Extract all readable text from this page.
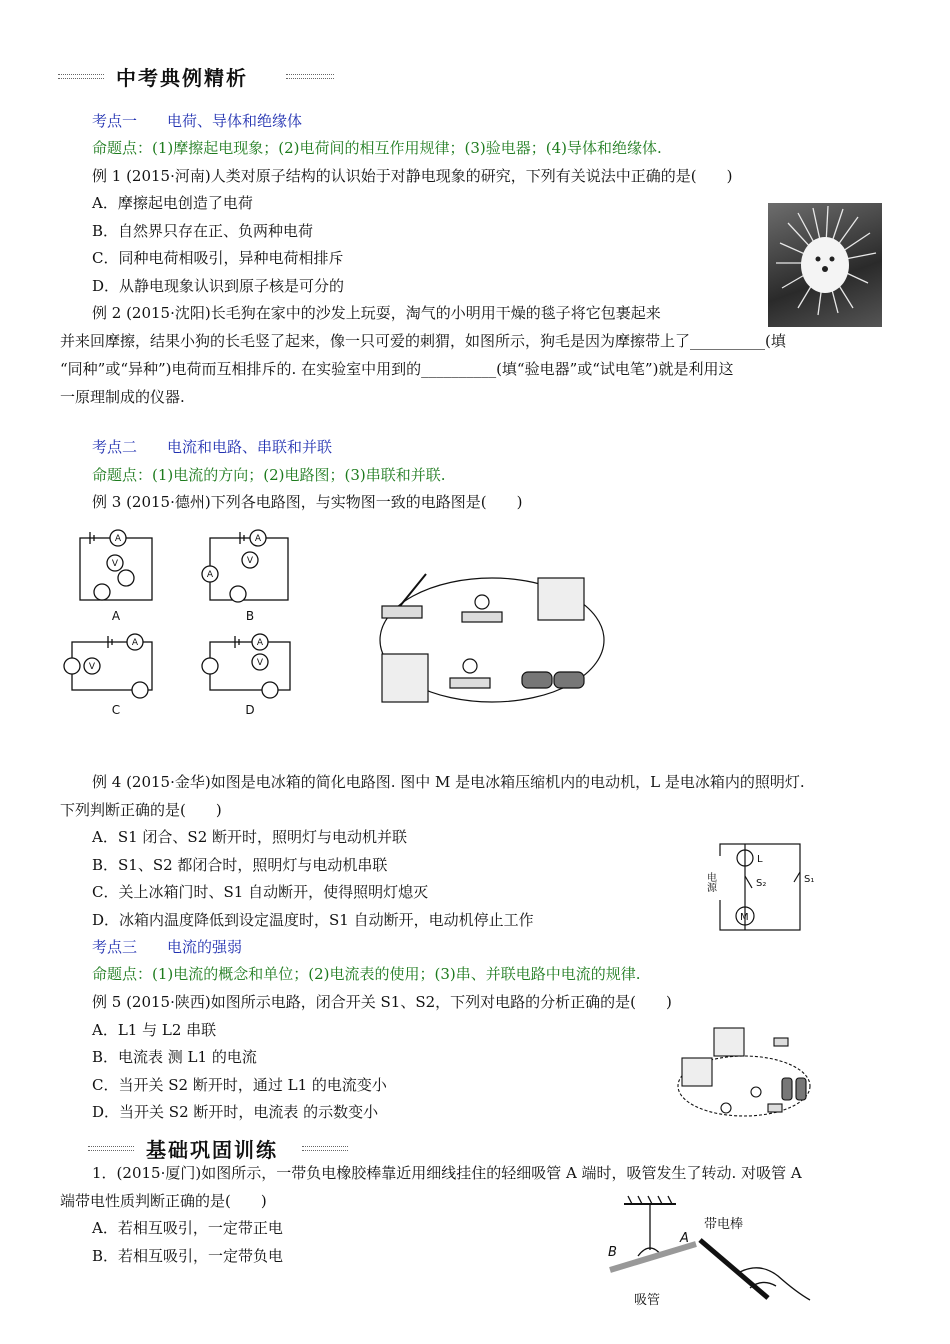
中考典例精析
考点一　　电荷、导体和绝缘体
命题点：(1)摩擦起电现象；(2)电荷间的相互作用规律；(3)验电器；(4)导体和绝缘体.
例 1 (2015·河南)人类对原子结构的认识始于对静电现象的研究，下列有关说法中正确的是(　　)
A．摩擦起电创造了电荷
B．自然界只存在正、负两种电荷
C．同种电荷相吸引，异种电荷相排斥
D．从静电现象认识到原子核是可分的
例 2 (2015·沈阳)长毛狗在家中的沙发上玩耍，淘气的小明用干燥的毯子将它包裹起来
并来回摩擦，结果小狗的长毛竖了起来，像一只可爱的刺猬，如图所示，狗毛是因为摩擦带上了__________(填
“同种”或“异种”)电荷而互相排斥的. 在实验室中用到的__________(填“验电器”或“试电笔”)就是利用这
一原理制成的仪器.
考点二　　电流和电路、串联和并联
命题点：(1)电流的方向；(2)电路图；(3)串联和并联.
例 3 (2015·德州)下列各电路图，与实物图一致的电路图是(　　)
A
V
A
A
V
A
V
A
V
A	B
C	D
例 4 (2015·金华)如图是电冰箱的简化电路图. 图中 M 是电冰箱压缩机内的电动机，L 是电冰箱内的照明灯.
下列判断正确的是(　　)
A．S1 闭合、S2 断开时，照明灯与电动机并联
B．S1、S2 都闭合时，照明灯与电动机串联
C．关上冰箱门时、S1 自动断开，使得照明灯熄灭
D．冰箱内温度降低到设定温度时，S1 自动断开，电动机停止工作
电源
L
S₂	S₁
M
考点三　　电流的强弱
命题点：(1)电流的概念和单位；(2)电流表的使用；(3)串、并联电路中电流的规律.
例 5 (2015·陕西)如图所示电路，闭合开关 S1、S2，下列对电路的分析正确的是(　　)
A．L1 与 L2 串联
B．电流表 测 L1 的电流
C．当开关 S2 断开时，通过 L1 的电流变小
D．当开关 S2 断开时，电流表 的示数变小
基础巩固训练
1．(2015·厦门)如图所示，一带负电橡胶棒靠近用细线挂住的轻细吸管 A 端时，吸管发生了转动. 对吸管 A
端带电性质判断正确的是(　　)
A．若相互吸引，一定带正电
B．若相互吸引，一定带负电
A
B
带电棒
吸管
